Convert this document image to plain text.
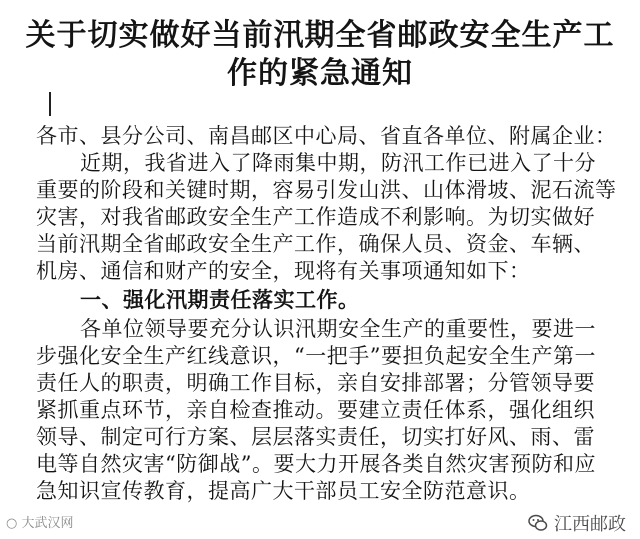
关于切实做好当前汛期全省邮政安全生产工
作的紧急通知
各市、县分公司、南昌邮区中心局、省直各单位、附属企业：
近期，我省进入了降雨集中期，防汛工作已进入了十分
重要的阶段和关键时期，容易引发山洪、山体滑坡、泥石流等
灾害，对我省邮政安全生产工作造成不利影响。为切实做好
当前汛期全省邮政安全生产工作，确保人员、资金、车辆、
机房、通信和财产的安全，现将有关事项通知如下：
一、强化汛期责任落实工作。
各单位领导要充分认识汛期安全生产的重要性，要进一
步强化安全生产红线意识，“一把手”要担负起安全生产第一
责任人的职责，明确工作目标，亲自安排部署；分管领导要
紧抓重点环节，亲自检查推动。要建立责任体系，强化组织
领导、制定可行方案、层层落实责任，切实打好风、雨、雷
电等自然灾害“防御战”。要大力开展各类自然灾害预防和应
急知识宣传教育，提高广大干部员工安全防范意识。
○ 大武汉网	江西邮政
